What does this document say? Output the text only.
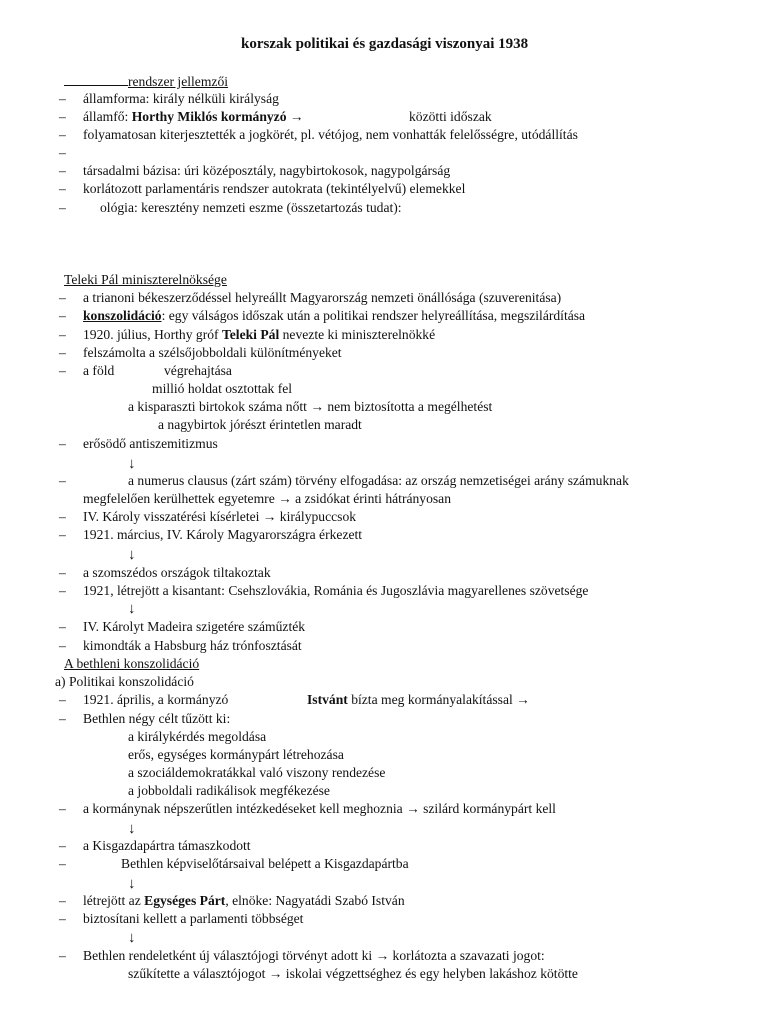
korszak politikai és gazdasági viszonyai 1938
rendszer jellemzői
– államforma: király nélküli királyság
– államfő: Horthy Miklós kormányzó →	közötti időszak
– folyamatosan kiterjesztették a jogkörét, pl. vétójog, nem vonhatták felelősségre, utódállítás
–
– társadalmi bázisa: úri középosztály, nagybirtokosok, nagypolgárság
– korlátozott parlamentáris rendszer autokrata (tekintélyelvű) elemekkel
–	ológia: keresztény nemzeti eszme (összetartozás tudat):
Teleki Pál miniszterelnöksége
– a trianoni békeszerződéssel helyreállt Magyarország nemzeti önállósága (szuverenitása)
– konszolidáció: egy válságos időszak után a politikai rendszer helyreállítása, megszilárdítása
– 1920. július, Horthy gróf Teleki Pál nevezte ki miniszterelnökké
– felszámolta a szélsőjobboldali különítményeket
– a föld	végrehajtása
millió holdat osztottak fel
a kisparaszti birtokok száma nőtt → nem biztosította a megélhetést
a nagybirtok jórészt érintetlen maradt
– erősödő antiszemitizmus
↓
–	a numerus clausus (zárt szám) törvény elfogadása: az ország nemzetiségei arány számuknak
megfelelően kerülhettek egyetemre → a zsidókat érinti hátrányosan
– IV. Károly visszatérési kísérletei → királypuccsok
– 1921. március, IV. Károly Magyarországra érkezett
↓
– a szomszédos országok tiltakoztak
– 1921, létrejött a kisantant: Csehszlovákia, Románia és Jugoszlávia magyarellenes szövetsége
↓
– IV. Károlyt Madeira szigetére száműzték
– kimondták a Habsburg ház trónfosztását
A bethleni konszolidáció
a) Politikai konszolidáció
– 1921. április, a kormányzó	Istvánt bízta meg kormányalakítással →
– Bethlen négy célt tűzött ki:
a királykérdés megoldása
erős, egységes kormánypárt létrehozása
a szociáldemokratákkal való viszony rendezése
a jobboldali radikálisok megfékezése
– a kormánynak népszerűtlen intézkedéseket kell meghoznia → szilárd kormánypárt kell
↓
– a Kisgazdapártra támaszkodott
–	Bethlen képviselőtársaival belépett a Kisgazdapártba
↓
– létrejött az Egységes Párt, elnöke: Nagyatádi Szabó István
– biztosítani kellett a parlamenti többséget
↓
– Bethlen rendeletként új választójogi törvényt adott ki → korlátozta a szavazati jogot:
szűkítette a választójogot → iskolai végzettséghez és egy helyben lakáshoz kötötte
